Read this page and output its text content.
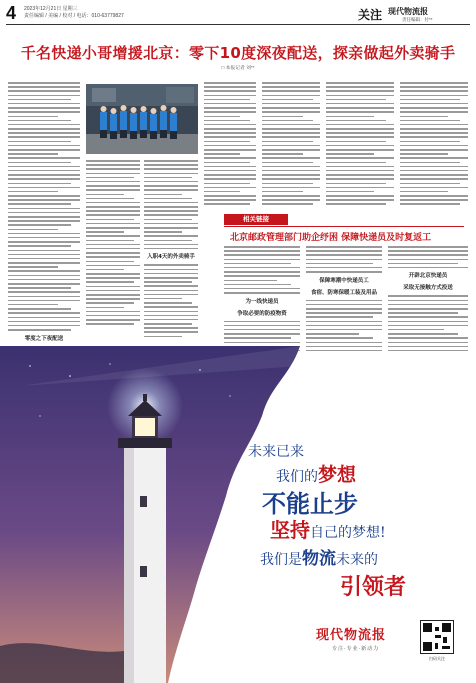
4 2023年12月21日 星期三
责任编辑 / 美编 / 校对 / 电话：010-63779827	关注 现代物流报
责任编辑：付**
千名快递小哥增援北京：零下10度深夜配送，探亲做起外卖骑手
□ 本报记者 刘**
零度之下夜配送
入职4天的外卖骑手
相关链接
北京邮政管理部门助企纾困 保障快递员及时复返工
为一线快递员
争取必要的防疫物资
保障寒潮中快递员工
食宿、防寒保暖工装及用品
开辟北京快递员
采取无接触方式投送
未来已来
我们的梦想
不能止步
坚持自己的梦想!
我们是物流未来的
引领者
现代物流报
专注·专业·新动力
扫码关注
